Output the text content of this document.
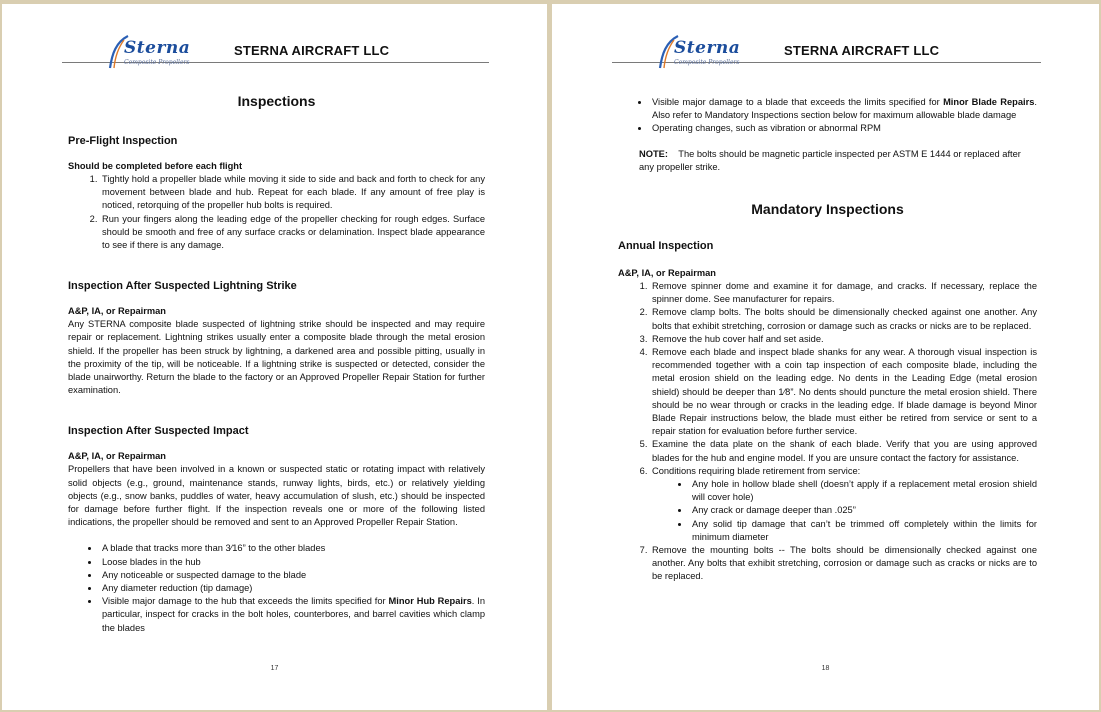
Sterna
Composite Propellers
STERNA AIRCRAFT LLC

Inspections

Pre-Flight Inspection

Should be completed before each flight

1. Tightly hold a propeller blade while moving it side to side and back and forth to check for any movement between blade and hub. Repeat for each blade. If any amount of free play is noticed, retorquing of the propeller hub bolts is required.
2. Run your fingers along the leading edge of the propeller checking for rough edges. Surface should be smooth and free of any surface cracks or delamination. Inspect blade appearance to see if there is any damage.

Inspection After Suspected Lightning Strike

A&P, IA, or Repairman

Any STERNA composite blade suspected of lightning strike should be inspected and may require repair or replacement. Lightning strikes usually enter a composite blade through the metal erosion shield. If the propeller has been struck by lightning, a darkened area and possible pitting, usually in the proximity of the tip, will be noticeable. If a lightning strike is suspected or detected, consider the blade unairworthy. Return the blade to the factory or an Approved Propeller Repair Station for further examination.

Inspection After Suspected Impact

A&P, IA, or Repairman

Propellers that have been involved in a known or suspected static or rotating impact with relatively solid objects (e.g., ground, maintenance stands, runway lights, birds, etc.) or relatively yielding objects (e.g., snow banks, puddles of water, heavy accumulation of slush, etc.) should be inspected for damage before further flight. If the inspection reveals one or more of the following listed indications, the propeller should be removed and sent to an Approved Propeller Repair Station.

• A blade that tracks more than 3⁄16” to the other blades
• Loose blades in the hub
• Any noticeable or suspected damage to the blade
• Any diameter reduction (tip damage)
• Visible major damage to the hub that exceeds the limits specified for Minor Hub Repairs. In particular, inspect for cracks in the bolt holes, counterbores, and barrel cavities which clamp the blades
17
Sterna
Composite Propellers
STERNA AIRCRAFT LLC
• Visible major damage to a blade that exceeds the limits specified for Minor Blade Repairs. Also refer to Mandatory Inspections section below for maximum allowable blade damage
• Operating changes, such as vibration or abnormal RPM

NOTE: The bolts should be magnetic particle inspected per ASTM E 1444 or replaced after any propeller strike.

Mandatory Inspections

Annual Inspection

A&P, IA, or Repairman

1. Remove spinner dome and examine it for damage, and cracks. If necessary, replace the spinner dome. See manufacturer for repairs.
2. Remove clamp bolts. The bolts should be dimensionally checked against one another. Any bolts that exhibit stretching, corrosion or damage such as cracks or nicks are to be replaced.
3. Remove the hub cover half and set aside.
4. Remove each blade and inspect blade shanks for any wear. A thorough visual inspection is recommended together with a coin tap inspection of each composite blade, including the metal erosion shield on the leading edge. No dents in the Leading Edge (metal erosion shield) should be deeper than 1⁄8”. No dents should puncture the metal erosion shield. There should be no wear through or cracks in the leading edge. If blade damage is beyond Minor Blade Repair instructions below, the blade must either be retired from service or sent to a repair station for evaluation before further service.
5. Examine the data plate on the shank of each blade. Verify that you are using approved blades for the hub and engine model. If you are unsure contact the factory for assistance.
6. Conditions requiring blade retirement from service:
• Any hole in hollow blade shell (doesn’t apply if a replacement metal erosion shield will cover hole)
• Any crack or damage deeper than .025”
• Any solid tip damage that can’t be trimmed off completely within the limits for minimum diameter
7. Remove the mounting bolts -- The bolts should be dimensionally checked against one another. Any bolts that exhibit stretching, corrosion or damage such as cracks or nicks are to be replaced.
18
